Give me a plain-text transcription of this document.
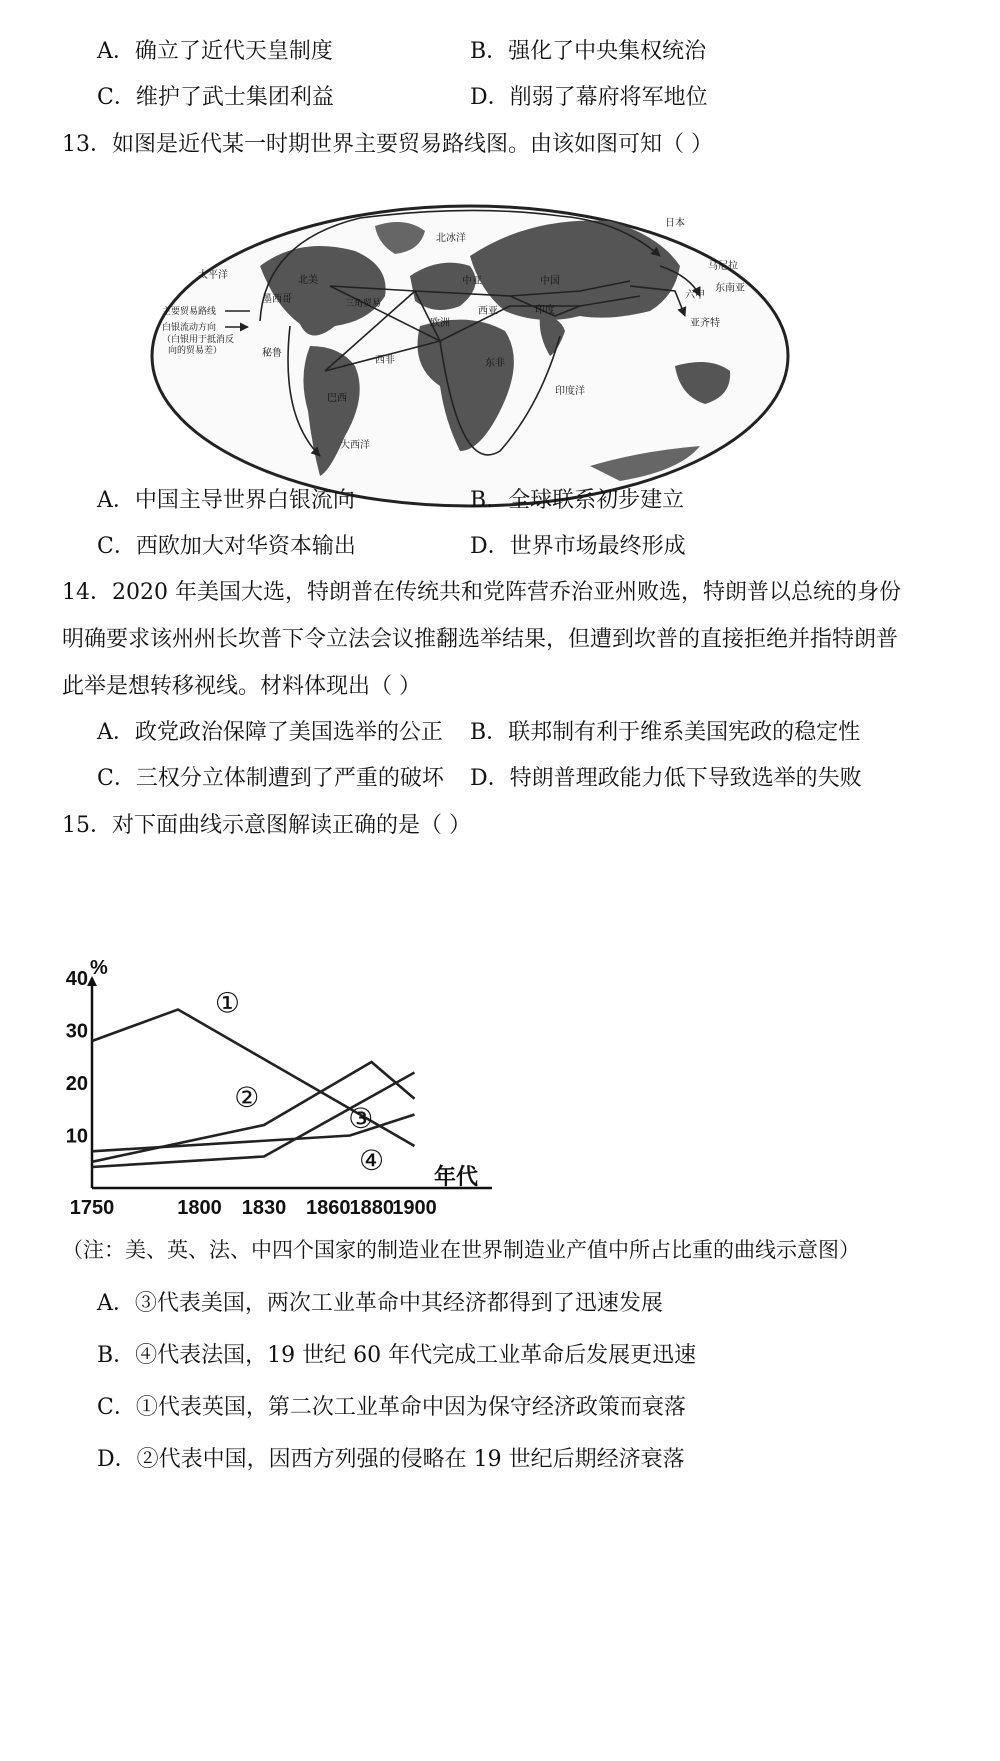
A．确立了近代天皇制度	B．强化了中央集权统治
C．维护了武士集团利益	D．削弱了幕府将军地位
13．如图是近代某一时期世界主要贸易路线图。由该如图可知（ ）
主要贸易路线
白银流动方向
（白银用于抵消反
向的贸易差）
太平洋
北冰洋
日本
马尼拉
东南亚
北美
墨西哥	三角贸易
欧洲
中亚	中国
西亚	印度
六甲
亚齐特
西非	东非
巴西
秘鲁
大西洋
印度洋
A．中国主导世界白银流向	B．全球联系初步建立
C．西欧加大对华资本输出	D．世界市场最终形成
14．2020 年美国大选，特朗普在传统共和党阵营乔治亚州败选，特朗普以总统的身份
明确要求该州州长坎普下令立法会议推翻选举结果，但遭到坎普的直接拒绝并指特朗普
此举是想转移视线。材料体现出（ ）
A．政党政治保障了美国选举的公正 B．联邦制有利于维系美国宪政的稳定性
C．三权分立体制遭到了严重的破坏 D．特朗普理政能力低下导致选举的失败
15．对下面曲线示意图解读正确的是（ ）
%
年代
10
20
30
40
1750	1800 1830 1860 1880
1900
①
②
③
④
（注：美、英、法、中四个国家的制造业在世界制造业产值中所占比重的曲线示意图）
A．③代表美国，两次工业革命中其经济都得到了迅速发展
B．④代表法国，19 世纪 60 年代完成工业革命后发展更迅速
C．①代表英国，第二次工业革命中因为保守经济政策而衰落
D．②代表中国，因西方列强的侵略在 19 世纪后期经济衰落
